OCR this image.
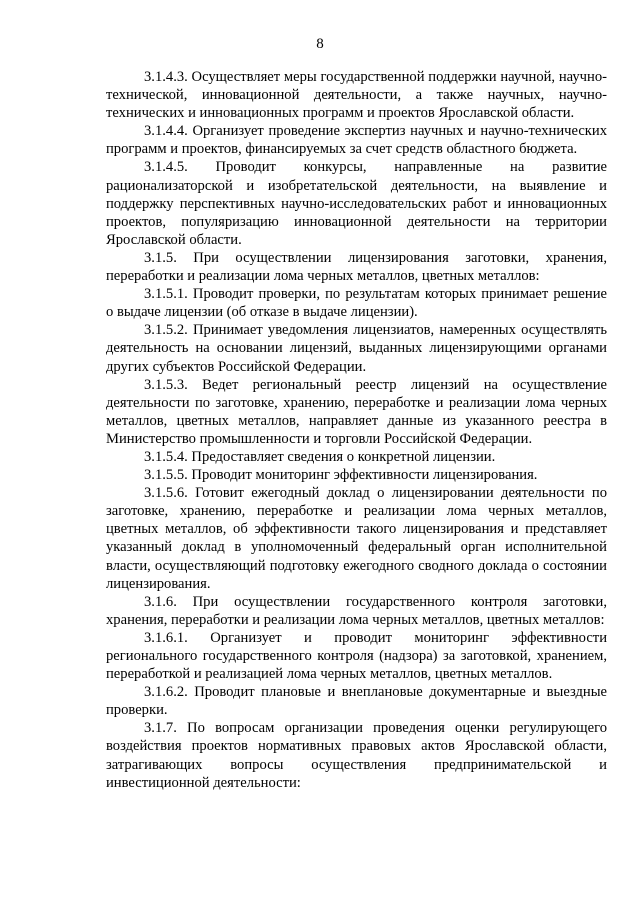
8

3.1.4.3. Осуществляет меры государственной поддержки научной, научно-технической, инновационной деятельности, а также научных, научно-технических и инновационных программ и проектов Ярославской области.

3.1.4.4. Организует проведение экспертиз научных и научно-технических программ и проектов, финансируемых за счет средств областного бюджета.

3.1.4.5. Проводит конкурсы, направленные на развитие рационализаторской и изобретательской деятельности, на выявление и поддержку перспективных научно-исследовательских работ и инновационных проектов, популяризацию инновационной деятельности на территории Ярославской области.

3.1.5. При осуществлении лицензирования заготовки, хранения, переработки и реализации лома черных металлов, цветных металлов:

3.1.5.1. Проводит проверки, по результатам которых принимает решение о выдаче лицензии (об отказе в выдаче лицензии).

3.1.5.2. Принимает уведомления лицензиатов, намеренных осуществлять деятельность на основании лицензий, выданных лицензирующими органами других субъектов Российской Федерации.

3.1.5.3. Ведет региональный реестр лицензий на осуществление деятельности по заготовке, хранению, переработке и реализации лома черных металлов, цветных металлов, направляет данные из указанного реестра в Министерство промышленности и торговли Российской Федерации.

3.1.5.4. Предоставляет сведения о конкретной лицензии.

3.1.5.5. Проводит мониторинг эффективности лицензирования.

3.1.5.6. Готовит ежегодный доклад о лицензировании деятельности по заготовке, хранению, переработке и реализации лома черных металлов, цветных металлов, об эффективности такого лицензирования и представляет указанный доклад в уполномоченный федеральный орган исполнительной власти, осуществляющий подготовку ежегодного сводного доклада о состоянии лицензирования.

3.1.6. При осуществлении государственного контроля заготовки, хранения, переработки и реализации лома черных металлов, цветных металлов:

3.1.6.1. Организует и проводит мониторинг эффективности регионального государственного контроля (надзора) за заготовкой, хранением, переработкой и реализацией лома черных металлов, цветных металлов.

3.1.6.2. Проводит плановые и внеплановые документарные и выездные проверки.

3.1.7. По вопросам организации проведения оценки регулирующего воздействия проектов нормативных правовых актов Ярославской области, затрагивающих вопросы осуществления предпринимательской и инвестиционной деятельности:
